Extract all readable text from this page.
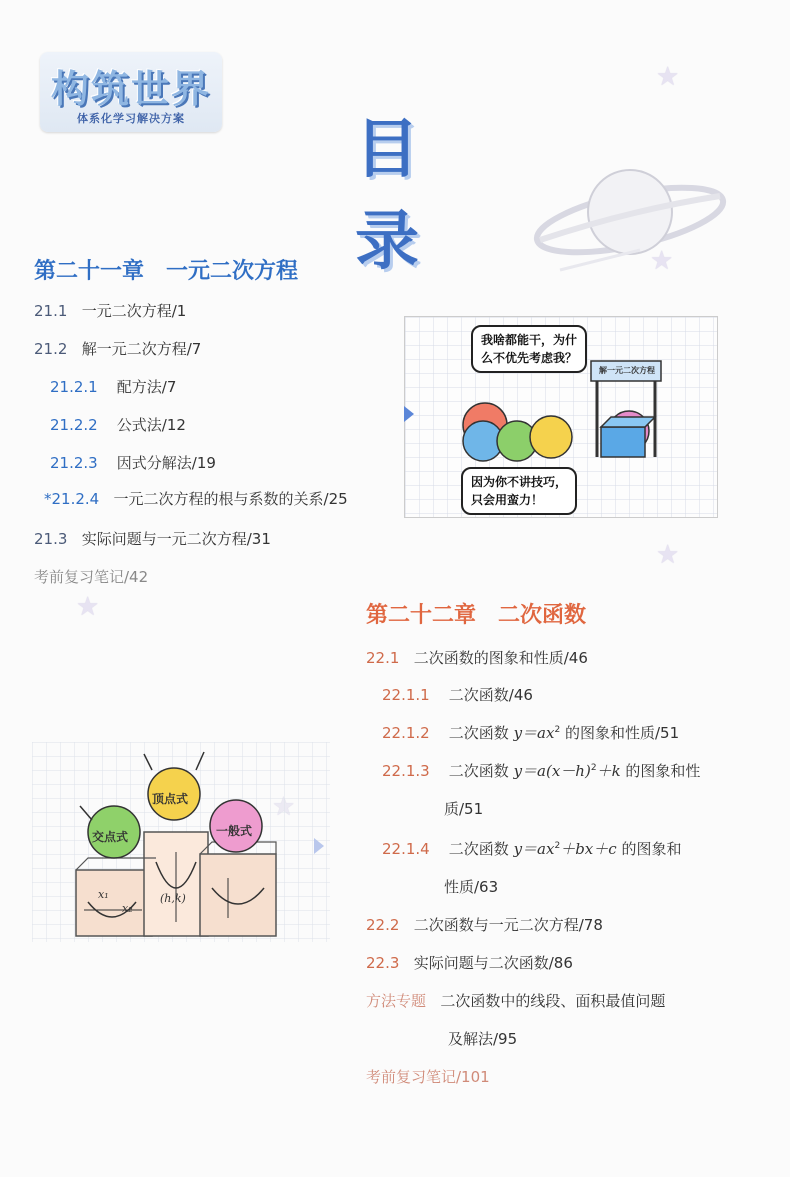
构筑世界
体系化学习解决方案	目 录
★
★
★
★
第二十一章　一元二次方程
21.1 一元二次方程/1
21.2 解一元二次方程/7
21.2.1 配方法/7
21.2.2 公式法/12
21.2.3 因式分解法/19
*21.2.4 一元二次方程的根与系数的关系/25
21.3 实际问题与一元二次方程/31
考前复习笔记/42
我啥都能干，为什
么不优先考虑我？
因为你不讲技巧，
只会用蛮力！
解一元二次方程
第二十二章　二次函数
22.1 二次函数的图象和性质/46
22.1.1 二次函数/46
22.1.2 二次函数 $y=ax^2$ 的图象和性质/51
22.1.3 二次函数 $y=a(x-h)^2+k$ 的图象和性
质/51
22.1.4 二次函数 $y=ax^2+bx+c$ 的图象和
性质/63
22.2 二次函数与一元二次方程/78
22.3 实际问题与二次函数/86
方法专题 二次函数中的线段、面积最值问题
及解法/95
考前复习笔记/101
交点式
顶点式
一般式
x₁
x₂
(h,k)
